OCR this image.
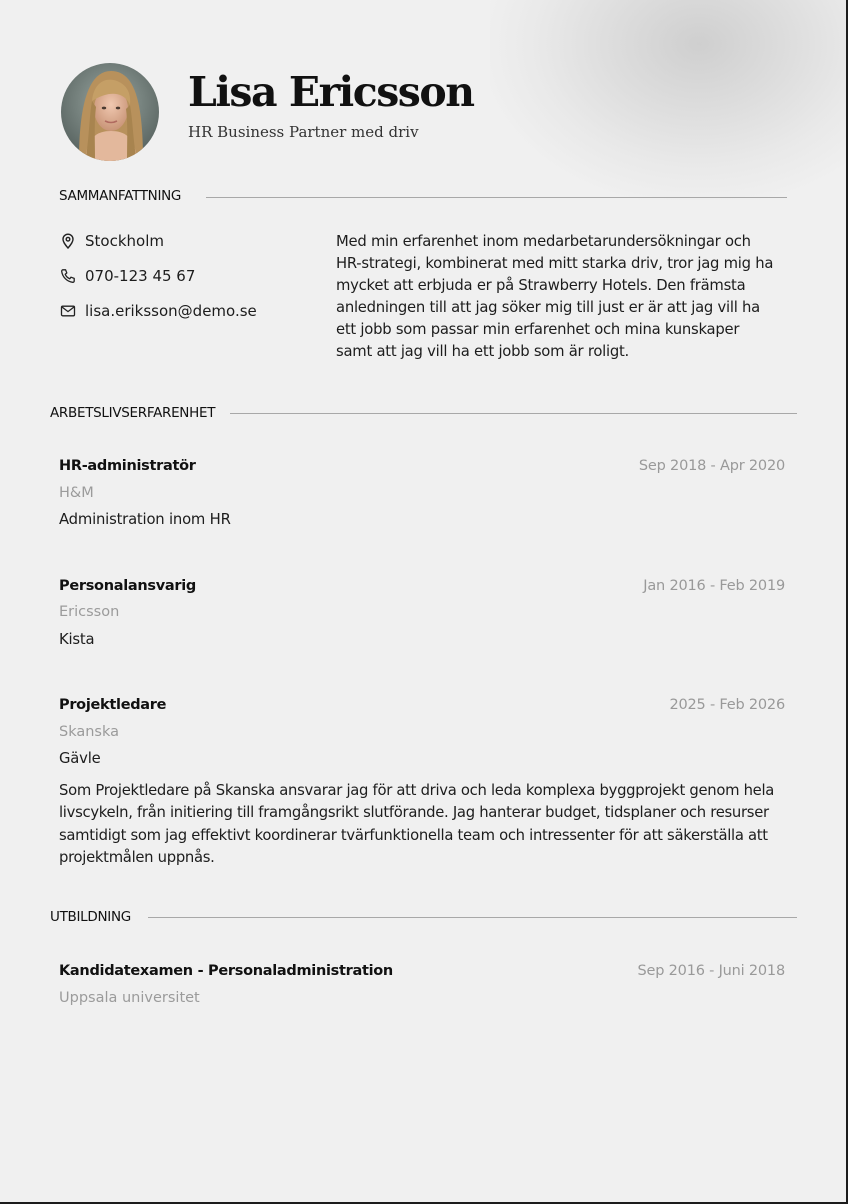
Lisa Ericsson
HR Business Partner med driv
SAMMANFATTNING
Stockholm
070-123 45 67
lisa.eriksson@demo.se
Med min erfarenhet inom medarbetarundersökningar och HR-strategi, kombinerat med mitt starka driv, tror jag mig ha mycket att erbjuda er på Strawberry Hotels. Den främsta anledningen till att jag söker mig till just er är att jag vill ha ett jobb som passar min erfarenhet och mina kunskaper samt att jag vill ha ett jobb som är roligt.
ARBETSLIVSERFARENHET
HR-administratör	Sep 2018 - Apr 2020
H&M
Administration inom HR
Personalansvarig	Jan 2016 - Feb 2019
Ericsson
Kista
Projektledare	2025 - Feb 2026
Skanska
Gävle
Som Projektledare på Skanska ansvarar jag för att driva och leda komplexa byggprojekt genom hela livscykeln, från initiering till framgångsrikt slutförande. Jag hanterar budget, tidsplaner och resurser samtidigt som jag effektivt koordinerar tvärfunktionella team och intressenter för att säkerställa att projektmålen uppnås.
UTBILDNING
Kandidatexamen - Personaladministration	Sep 2016 - Juni 2018
Uppsala universitet
